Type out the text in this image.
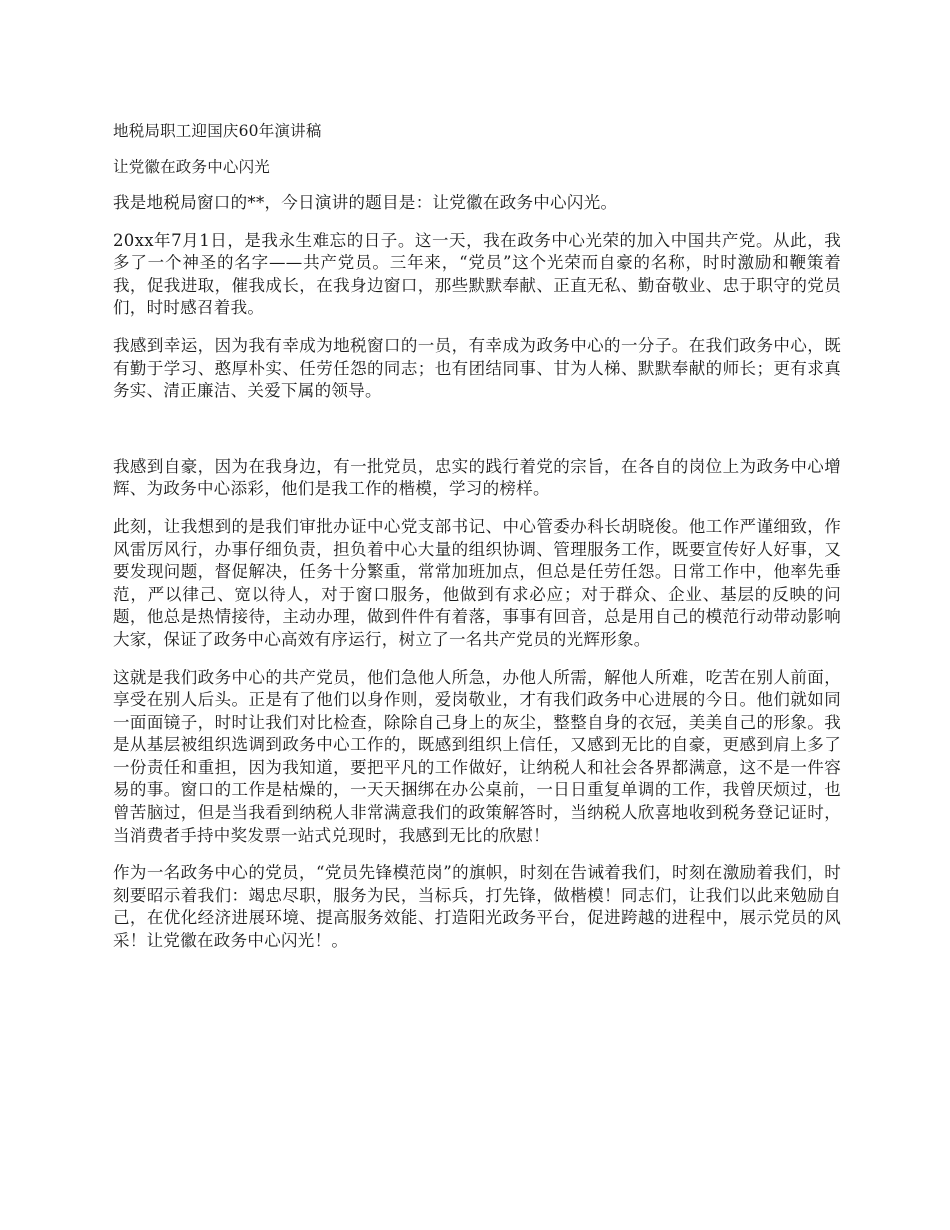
地税局职工迎国庆60年演讲稿

让党徽在政务中心闪光

我是地税局窗口的**，今日演讲的题目是：让党徽在政务中心闪光。

20xx年7月1日，是我永生难忘的日子。这一天，我在政务中心光荣的加入中国共产党。从此，我多了一个神圣的名字——共产党员。三年来，“党员”这个光荣而自豪的名称，时时激励和鞭策着我，促我进取，催我成长，在我身边窗口，那些默默奉献、正直无私、勤奋敬业、忠于职守的党员们，时时感召着我。

我感到幸运，因为我有幸成为地税窗口的一员，有幸成为政务中心的一分子。在我们政务中心，既有勤于学习、憨厚朴实、任劳任怨的同志；也有团结同事、甘为人梯、默默奉献的师长；更有求真务实、清正廉洁、关爱下属的领导。

我感到自豪，因为在我身边，有一批党员，忠实的践行着党的宗旨，在各自的岗位上为政务中心增辉、为政务中心添彩，他们是我工作的楷模，学习的榜样。

此刻，让我想到的是我们审批办证中心党支部书记、中心管委办科长胡晓俊。他工作严谨细致，作风雷厉风行，办事仔细负责，担负着中心大量的组织协调、管理服务工作，既要宣传好人好事，又要发现问题，督促解决，任务十分繁重，常常加班加点，但总是任劳任怨。日常工作中，他率先垂范，严以律己、宽以待人，对于窗口服务，他做到有求必应；对于群众、企业、基层的反映的问题，他总是热情接待，主动办理，做到件件有着落，事事有回音，总是用自己的模范行动带动影响大家，保证了政务中心高效有序运行，树立了一名共产党员的光辉形象。

这就是我们政务中心的共产党员，他们急他人所急，办他人所需，解他人所难，吃苦在别人前面，享受在别人后头。正是有了他们以身作则，爱岗敬业，才有我们政务中心进展的今日。他们就如同一面面镜子，时时让我们对比检查，除除自己身上的灰尘，整整自身的衣冠，美美自己的形象。我是从基层被组织选调到政务中心工作的，既感到组织上信任，又感到无比的自豪，更感到肩上多了一份责任和重担，因为我知道，要把平凡的工作做好，让纳税人和社会各界都满意，这不是一件容易的事。窗口的工作是枯燥的，一天天捆绑在办公桌前，一日日重复单调的工作，我曾厌烦过，也曾苦脑过，但是当我看到纳税人非常满意我们的政策解答时，当纳税人欣喜地收到税务登记证时，当消费者手持中奖发票一站式兑现时，我感到无比的欣慰！

作为一名政务中心的党员，“党员先锋模范岗”的旗帜，时刻在告诫着我们，时刻在激励着我们，时刻要昭示着我们：竭忠尽职，服务为民，当标兵，打先锋，做楷模！同志们，让我们以此来勉励自己，在优化经济进展环境、提高服务效能、打造阳光政务平台，促进跨越的进程中，展示党员的风采！让党徽在政务中心闪光！。
